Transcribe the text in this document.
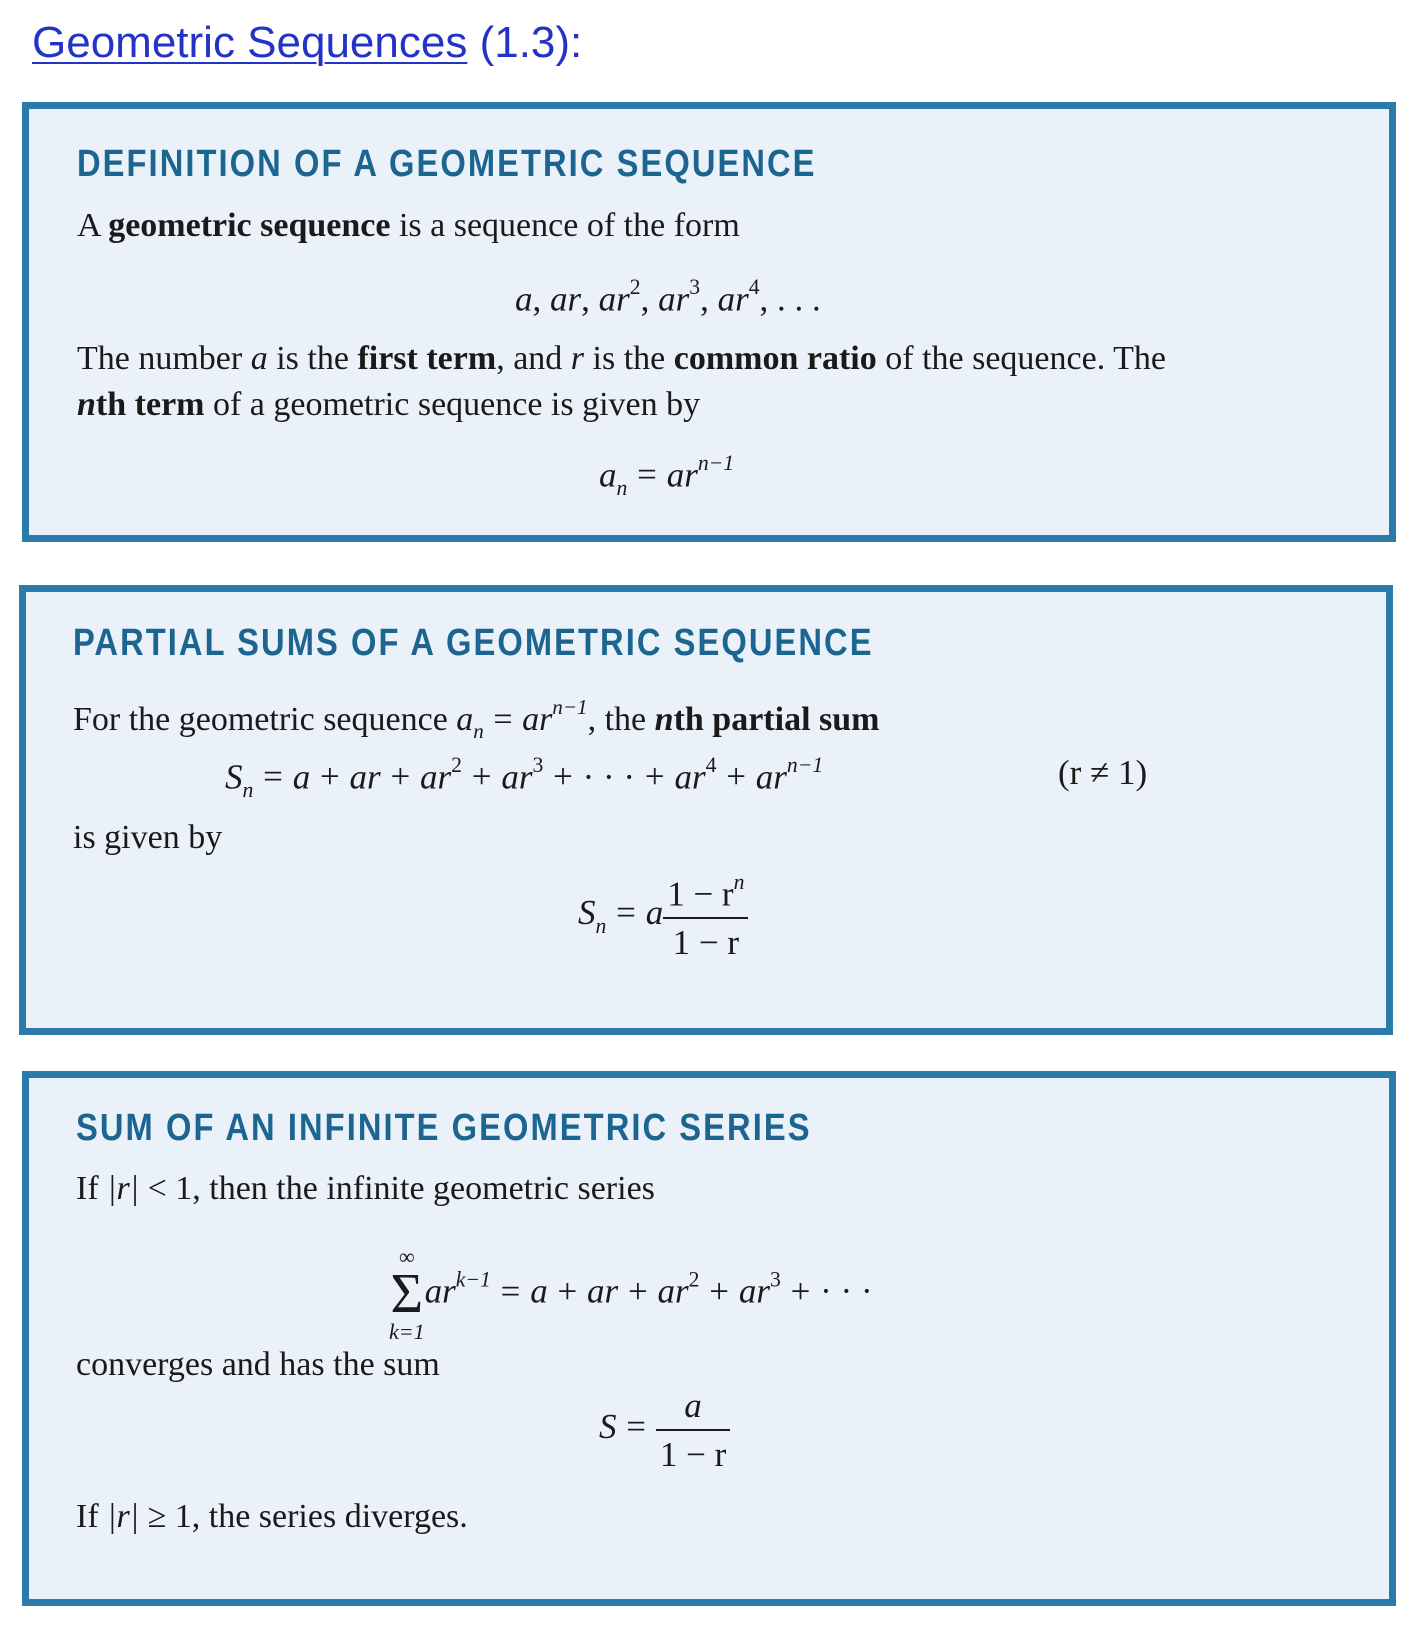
Geometric Sequences (1.3):
DEFINITION OF A GEOMETRIC SEQUENCE
A geometric sequence is a sequence of the form
a, ar, $ar^2$, $ar^3$, $ar^4$, . . .
The number a is the first term, and r is the common ratio of the sequence. The
nth term of a geometric sequence is given by
$a_n = ar^{n-1}$
PARTIAL SUMS OF A GEOMETRIC SEQUENCE
For the geometric sequence $a_n = ar^{n-1}$, the nth partial sum
$S_n = a$ + ar + $ar^2 + ar^3$ + · · · + $ar^4 + ar^{n-1}$	(r ≠ 1)
is given by
$S_n = a \frac{1 - r^n}{1 - r}$
SUM OF AN INFINITE GEOMETRIC SERIES
If |r| < 1, then the infinite geometric series
∞
Σ
k=1
$ar^{k-1} = a$ + ar + $ar^2 + ar^3$ + · · ·
converges and has the sum
$S = \frac{a}{1 - r}$
If |r| ≥ 1, the series diverges.
